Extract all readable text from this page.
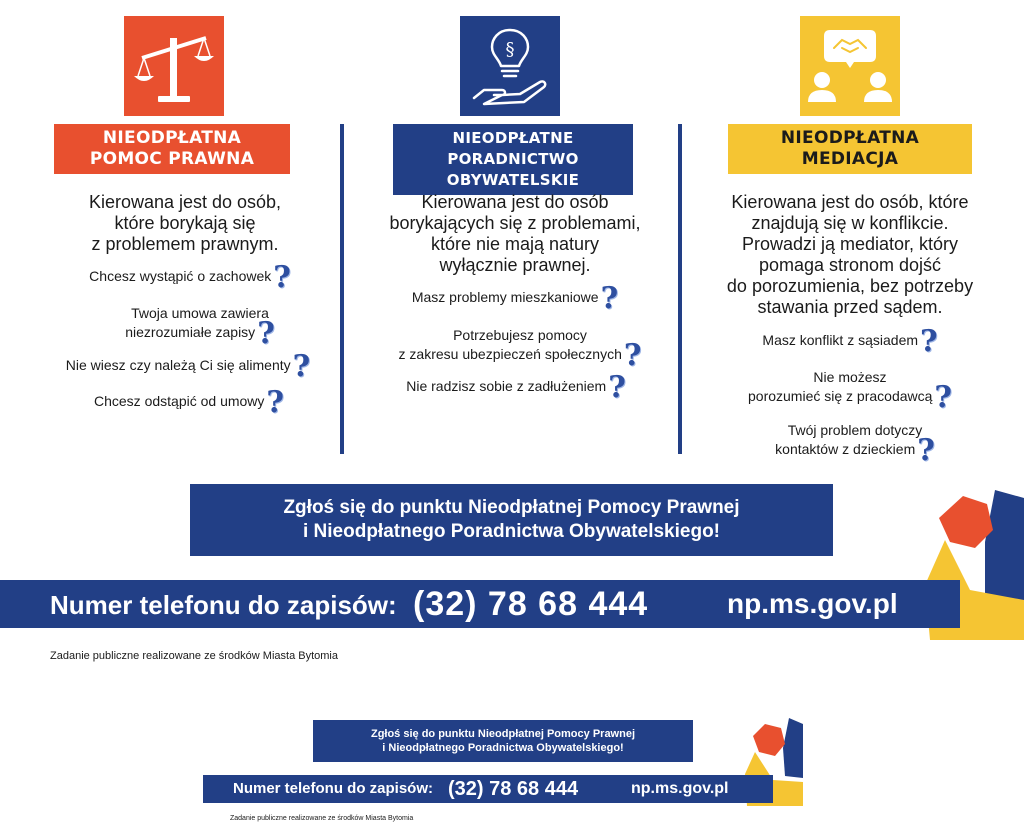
NIEODPŁATNA
POMOC PRAWNA
Kierowana jest do osób,
które borykają się
z problemem prawnym.
Chcesz wystąpić o zachowek?
Twoja umowa zawiera
niezrozumiałe zapisy?
Nie wiesz czy należą Ci się alimenty?
Chcesz odstąpić od umowy?
§
NIEODPŁATNE
PORADNICTWO OBYWATELSKIE
Kierowana jest do osób
borykających się z problemami,
które nie mają natury
wyłącznie prawnej.
Masz problemy mieszkaniowe?
Potrzebujesz pomocy
z zakresu ubezpieczeń społecznych?
Nie radzisz sobie z zadłużeniem?
NIEODPŁATNA
MEDIACJA
Kierowana jest do osób, które
znajdują się w konflikcie.
Prowadzi ją mediator, który
pomaga stronom dojść
do porozumienia, bez potrzeby
stawania przed sądem.
Masz konflikt z sąsiadem?
Nie możesz
porozumieć się z pracodawcą?
Twój problem dotyczy
kontaktów z dzieckiem?
Zgłoś się do punktu Nieodpłatnej Pomocy Prawnej
i Nieodpłatnego Poradnictwa Obywatelskiego!
Numer telefonu do zapisów: (32) 78 68 444	np.ms.gov.pl
Zadanie publiczne realizowane ze środków Miasta Bytomia
Zgłoś się do punktu Nieodpłatnej Pomocy Prawnej
i Nieodpłatnego Poradnictwa Obywatelskiego!
Numer telefonu do zapisów: (32) 78 68 444	np.ms.gov.pl
Zadanie publiczne realizowane ze środków Miasta Bytomia
